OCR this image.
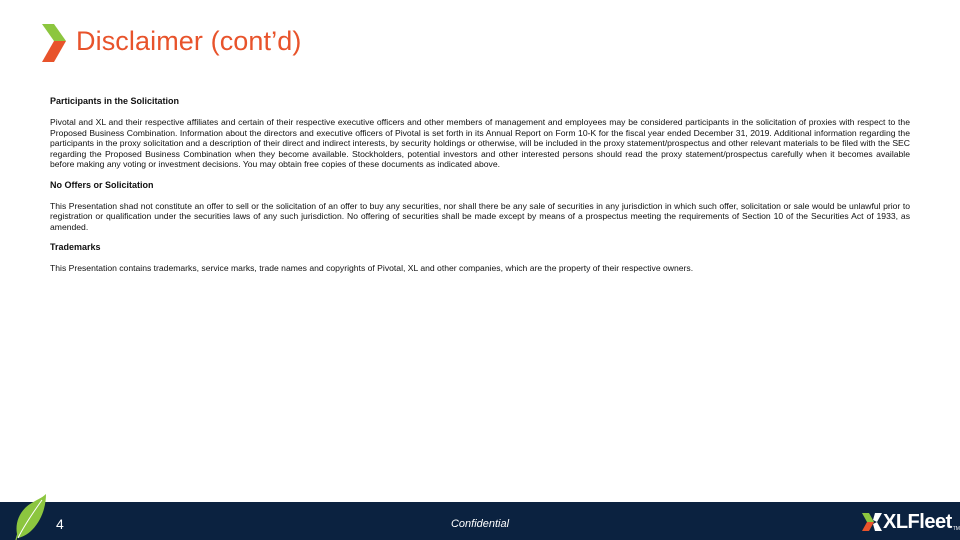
Disclaimer (cont’d)

Participants in the Solicitation

Pivotal and XL and their respective affiliates and certain of their respective executive officers and other members of management and employees may be considered participants in the solicitation of proxies with respect to the Proposed Business Combination. Information about the directors and executive officers of Pivotal is set forth in its Annual Report on Form 10-K for the fiscal year ended December 31, 2019. Additional information regarding the participants in the proxy solicitation and a description of their direct and indirect interests, by security holdings or otherwise, will be included in the proxy statement/prospectus and other relevant materials to be filed with the SEC regarding the Proposed Business Combination when they become available. Stockholders, potential investors and other interested persons should read the proxy statement/prospectus carefully when it becomes available before making any voting or investment decisions. You may obtain free copies of these documents as indicated above.

No Offers or Solicitation

This Presentation shad not constitute an offer to sell or the solicitation of an offer to buy any securities, nor shall there be any sale of securities in any jurisdiction in which such offer, solicitation or sale would be unlawful prior to registration or qualification under the securities laws of any such jurisdiction. No offering of securities shall be made except by means of a prospectus meeting the requirements of Section 10 of the Securities Act of 1933, as amended.

Trademarks

This Presentation contains trademarks, service marks, trade names and copyrights of Pivotal, XL and other companies, which are the property of their respective owners.

4	Confidential	XLFleet TM
